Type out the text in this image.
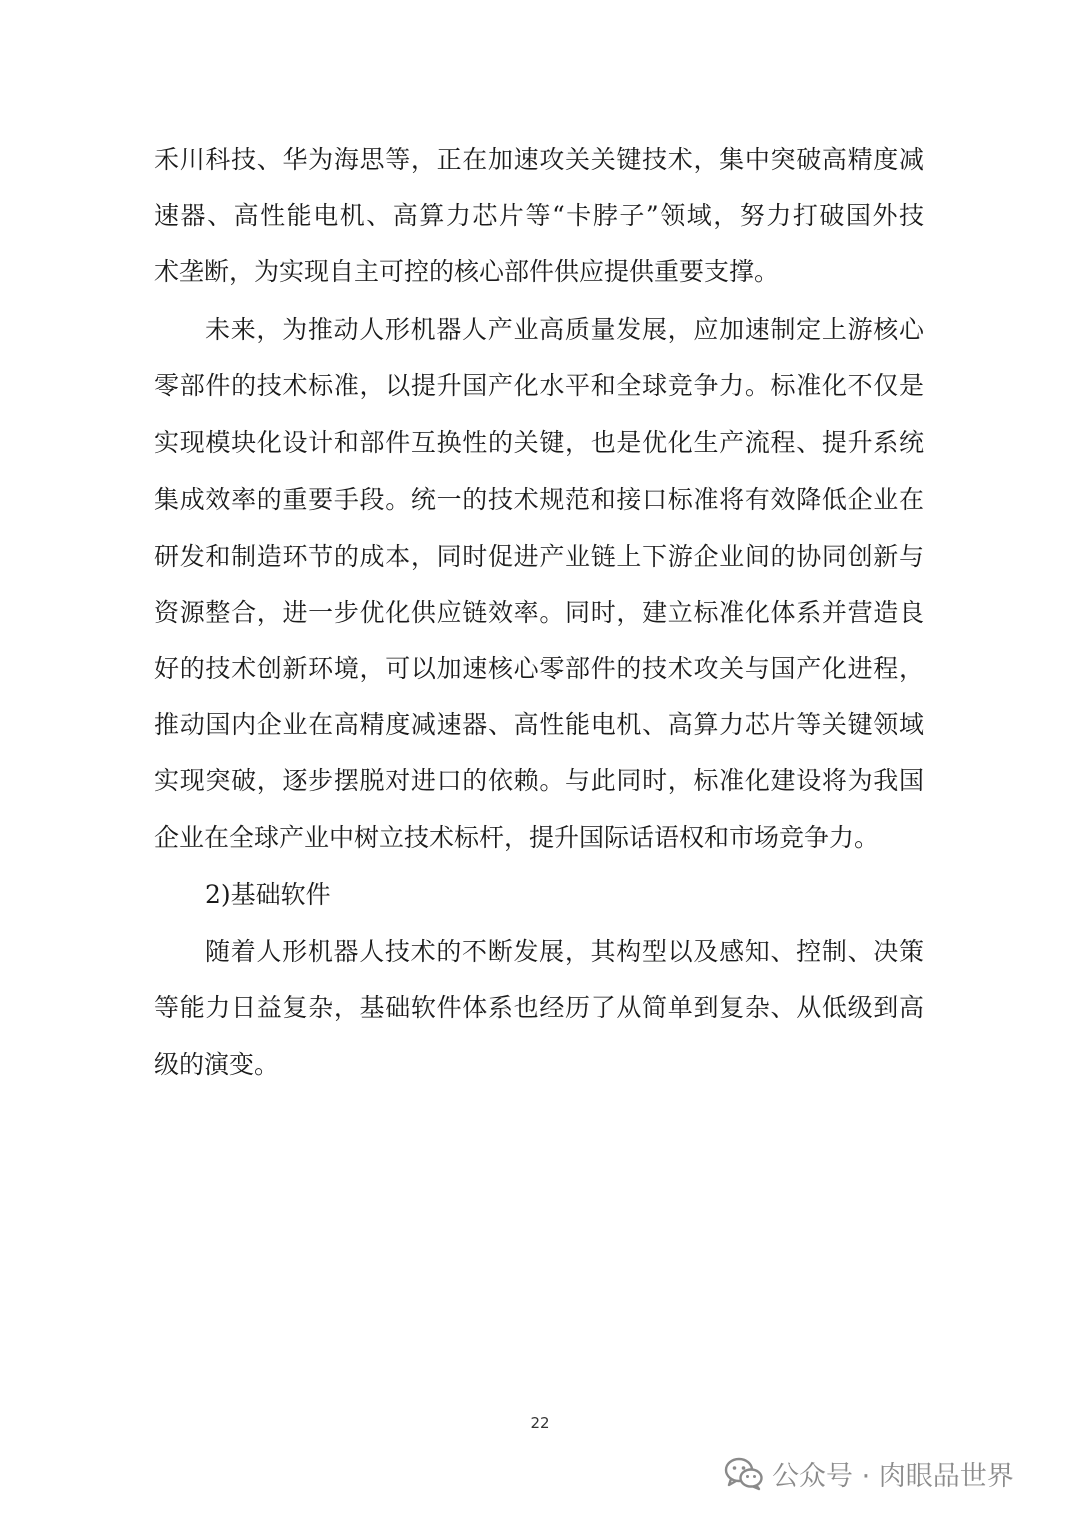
禾川科技、华为海思等，正在加速攻关关键技术，集中突破高精度减
速器、高性能电机、高算力芯片等“卡脖子”领域，努力打破国外技
术垄断，为实现自主可控的核心部件供应提供重要支撑。
未来，为推动人形机器人产业高质量发展，应加速制定上游核心
零部件的技术标准，以提升国产化水平和全球竞争力。标准化不仅是
实现模块化设计和部件互换性的关键，也是优化生产流程、提升系统
集成效率的重要手段。统一的技术规范和接口标准将有效降低企业在
研发和制造环节的成本，同时促进产业链上下游企业间的协同创新与
资源整合，进一步优化供应链效率。同时，建立标准化体系并营造良
好的技术创新环境，可以加速核心零部件的技术攻关与国产化进程，
推动国内企业在高精度减速器、高性能电机、高算力芯片等关键领域
实现突破，逐步摆脱对进口的依赖。与此同时，标准化建设将为我国
企业在全球产业中树立技术标杆，提升国际话语权和市场竞争力。
2)基础软件
随着人形机器人技术的不断发展，其构型以及感知、控制、决策
等能力日益复杂，基础软件体系也经历了从简单到复杂、从低级到高
级的演变。
22
公众号 · 肉眼品世界
